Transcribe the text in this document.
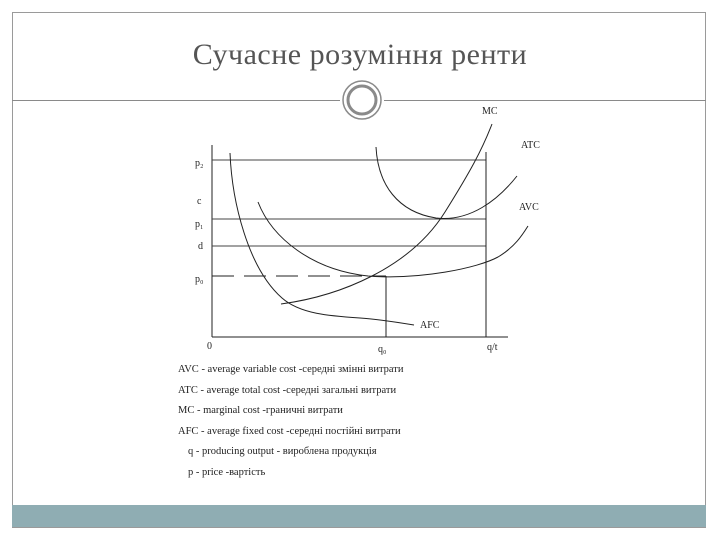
Сучасне розуміння ренти
MC
ATC
AVC
AFC
p₂
c
p₁
d
p₀
0	q₀	q/t
AVC - average variable cost -середні змінні витрати
ATC - average total cost -середні загальні витрати
MC - marginal cost -граничні витрати
AFC - average fixed cost -середні постійні витрати
q - producing output - вироблена продукція
p - price -вартість
